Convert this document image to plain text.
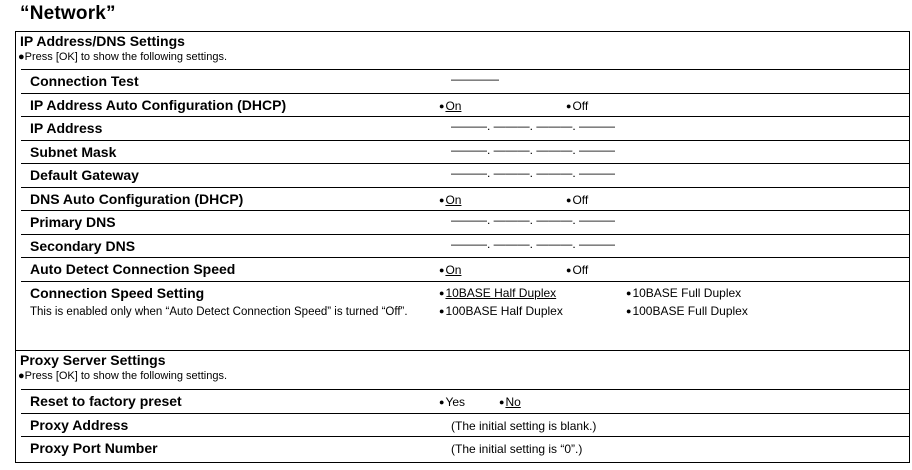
“Network”
IP Address/DNS Settings
●Press [OK] to show the following settings.
Connection Test	————
IP Address Auto Configuration (DHCP)	●On	●Off
IP Address	———. ———. ———. ———
Subnet Mask	———. ———. ———. ———
Default Gateway	———. ———. ———. ———
DNS Auto Configuration (DHCP)	●On	●Off
Primary DNS	———. ———. ———. ———
Secondary DNS	———. ———. ———. ———
Auto Detect Connection Speed	●On	●Off
Connection Speed Setting
This is enabled only when “Auto Detect Connection Speed” is turned “Off”.
●10BASE Half Duplex	●10BASE Full Duplex
●100BASE Half Duplex	●100BASE Full Duplex
Proxy Server Settings
●Press [OK] to show the following settings.
Reset to factory preset	●Yes	●No
Proxy Address	(The initial setting is blank.)
Proxy Port Number	(The initial setting is “0”.)
